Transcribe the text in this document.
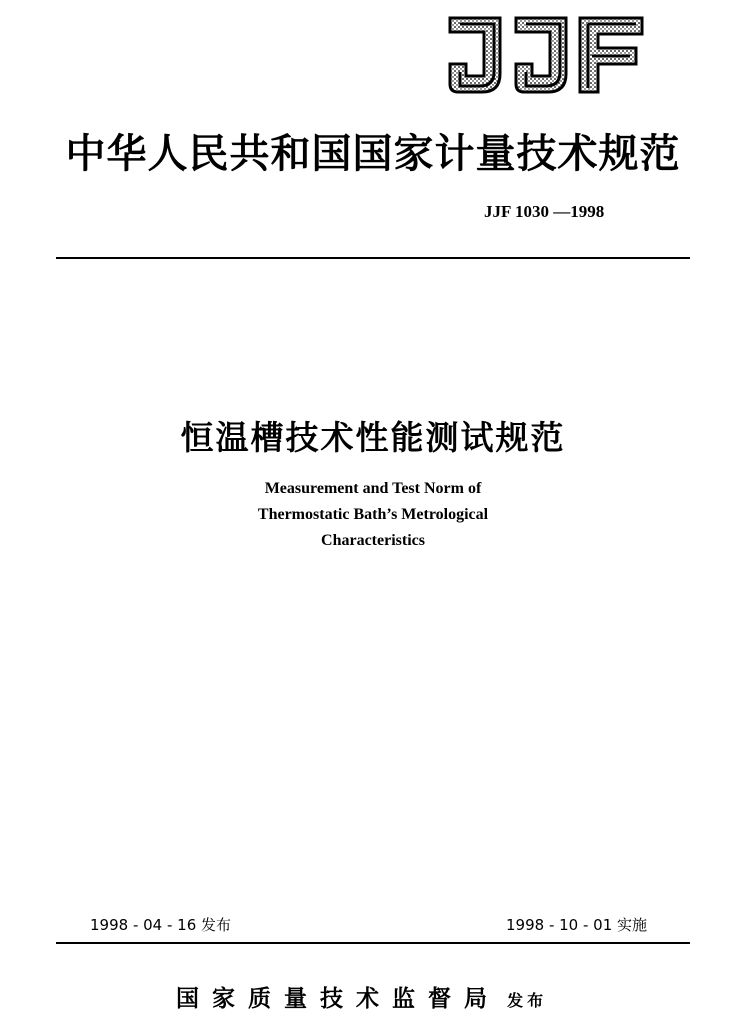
中华人民共和国国家计量技术规范
JJF 1030 —1998
恒温槽技术性能测试规范
Measurement and Test Norm of
Thermostatic Bath’s Metrological
Characteristics
1998 - 04 - 16 发布	1998 - 10 - 01 实施
国家质量技术监督局 发布
